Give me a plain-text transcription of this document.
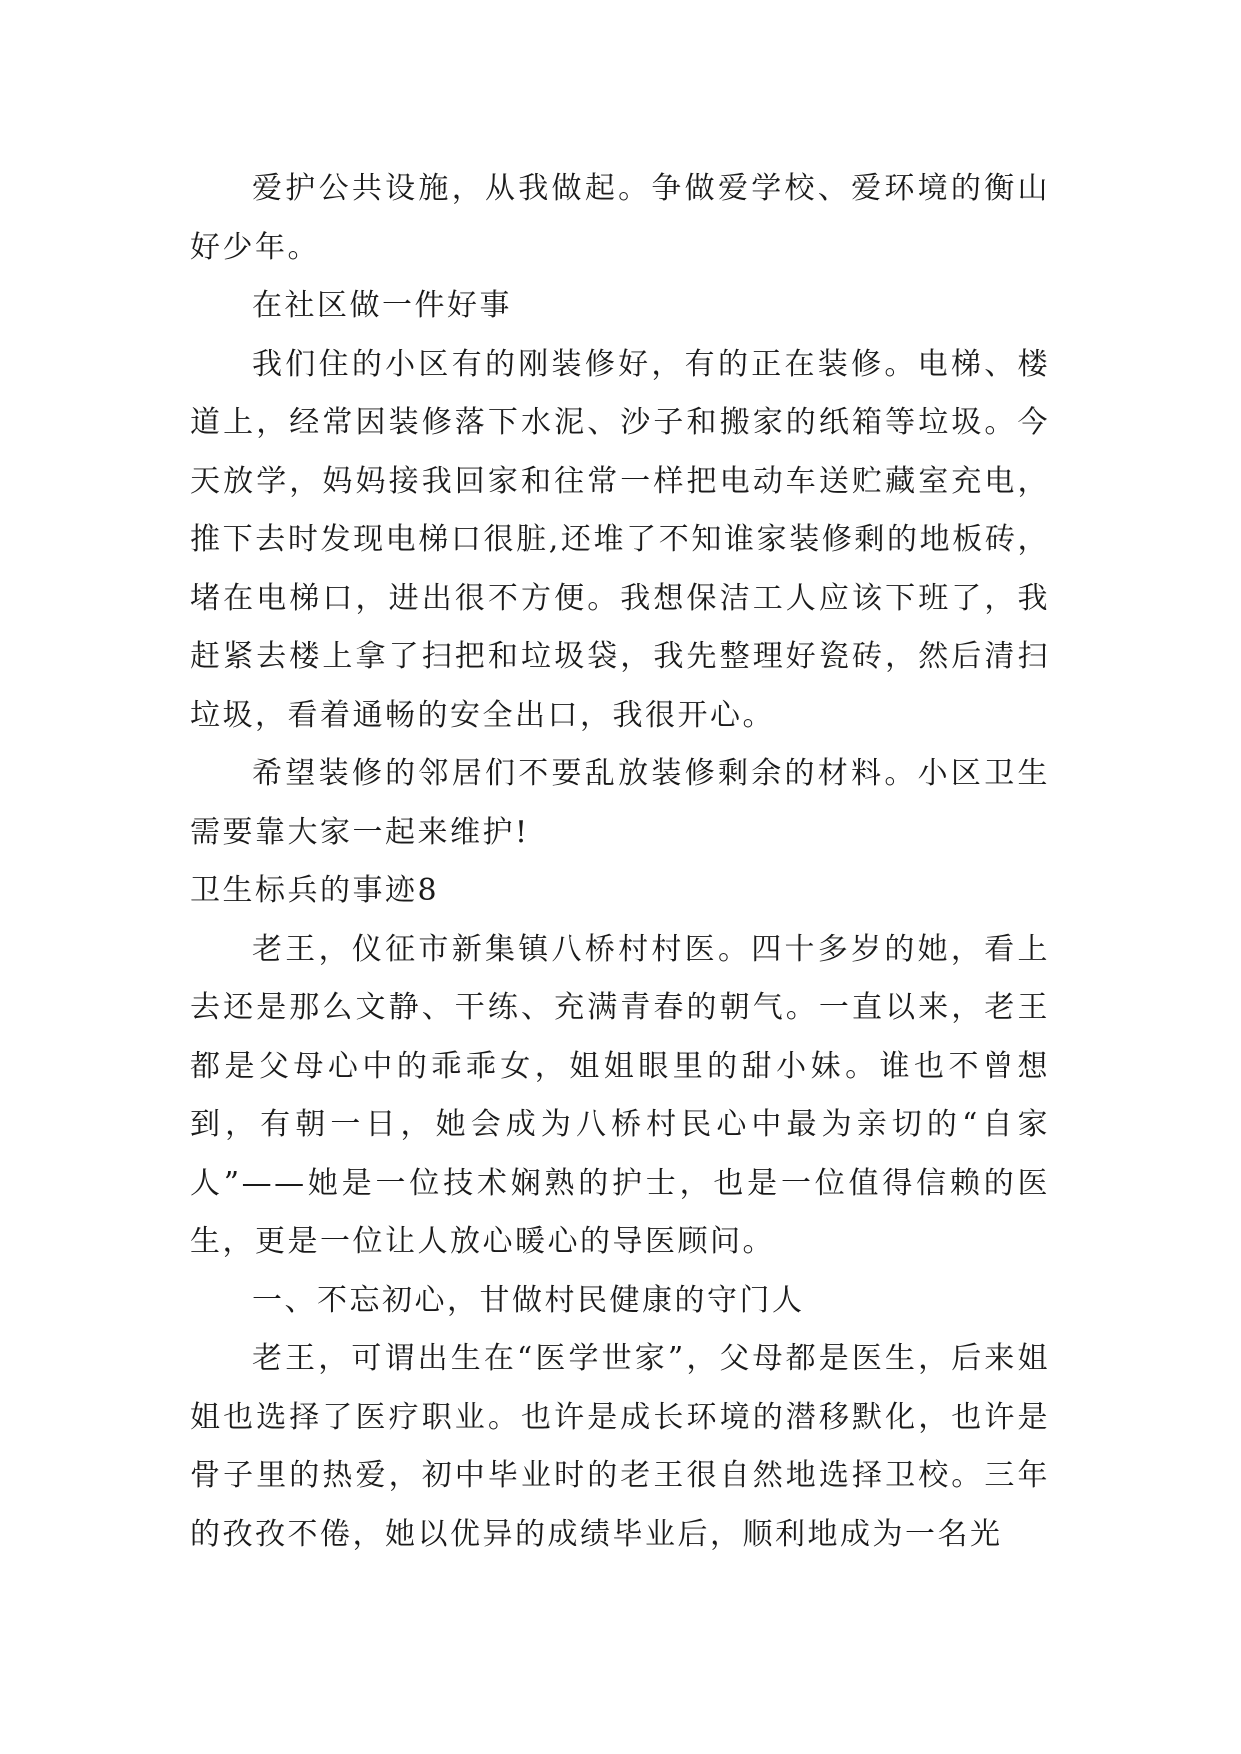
爱护公共设施，从我做起。争做爱学校、爱环境的衡山好少年。

在社区做一件好事

我们住的小区有的刚装修好，有的正在装修。电梯、楼道上，经常因装修落下水泥、沙子和搬家的纸箱等垃圾。今天放学，妈妈接我回家和往常一样把电动车送贮藏室充电，推下去时发现电梯口很脏,还堆了不知谁家装修剩的地板砖，堵在电梯口，进出很不方便。我想保洁工人应该下班了，我赶紧去楼上拿了扫把和垃圾袋，我先整理好瓷砖，然后清扫垃圾，看着通畅的安全出口，我很开心。

希望装修的邻居们不要乱放装修剩余的材料。小区卫生需要靠大家一起来维护!

卫生标兵的事迹8

老王，仪征市新集镇八桥村村医。四十多岁的她，看上去还是那么文静、干练、充满青春的朝气。一直以来，老王都是父母心中的乖乖女，姐姐眼里的甜小妹。谁也不曾想到，有朝一日，她会成为八桥村民心中最为亲切的“自家人”——她是一位技术娴熟的护士，也是一位值得信赖的医生，更是一位让人放心暖心的导医顾问。

一、不忘初心，甘做村民健康的守门人

老王，可谓出生在“医学世家”，父母都是医生，后来姐姐也选择了医疗职业。也许是成长环境的潜移默化，也许是骨子里的热爱，初中毕业时的老王很自然地选择卫校。三年的孜孜不倦，她以优异的成绩毕业后，顺利地成为一名光
